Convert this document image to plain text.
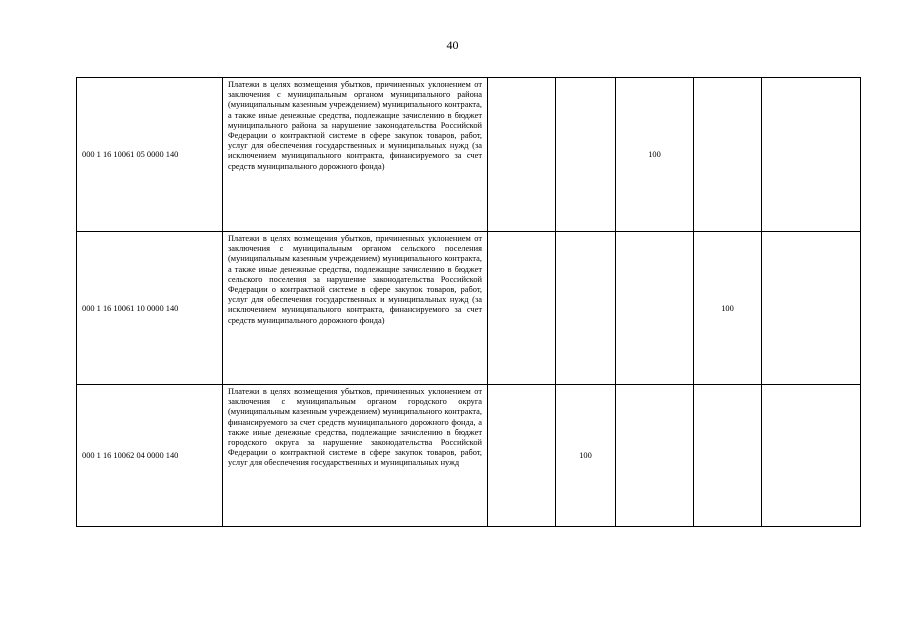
40
000 1 16 10061 05 0000 140	Платежи в целях возмещения убытков, причиненных уклонением от заключения с муниципальным органом муниципального района (муниципальным казенным учреждением) муниципального контракта, а также иные денежные средства, подлежащие зачислению в бюджет муниципального района за нарушение законодательства Российской Федерации о контрактной системе в сфере закупок товаров, работ, услуг для обеспечения государственных и муниципальных нужд (за исключением муниципального контракта, финансируемого за счет средств муниципального дорожного фонда)			100		
000 1 16 10061 10 0000 140	Платежи в целях возмещения убытков, причиненных уклонением от заключения с муниципальным органом сельского поселения (муниципальным казенным учреждением) муниципального контракта, а также иные денежные средства, подлежащие зачислению в бюджет сельского поселения за нарушение законодательства Российской Федерации о контрактной системе в сфере закупок товаров, работ, услуг для обеспечения государственных и муниципальных нужд (за исключением муниципального контракта, финансируемого за счет средств муниципального дорожного фонда)				100	
000 1 16 10062 04 0000 140	Платежи в целях возмещения убытков, причиненных уклонением от заключения с муниципальным органом городского округа (муниципальным казенным учреждением) муниципального контракта, финансируемого за счет средств муниципального дорожного фонда, а также иные денежные средства, подлежащие зачислению в бюджет городского округа за нарушение законодательства Российской Федерации о контрактной системе в сфере закупок товаров, работ, услуг для обеспечения государственных и муниципальных нужд		100			
